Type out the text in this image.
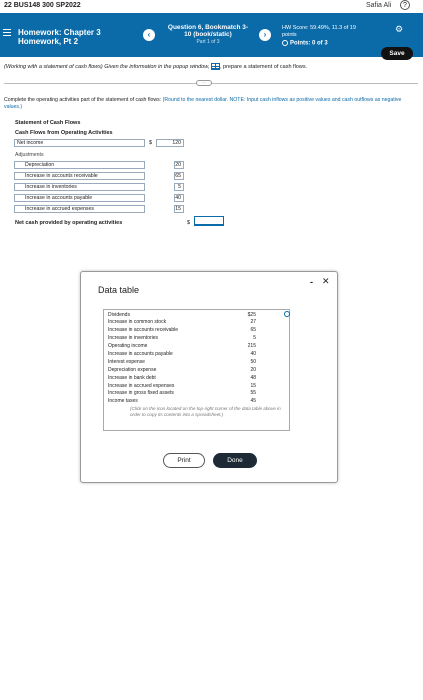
22 BUS148 300 SP2022	Safia Ali	?
Homework: Chapter 3
Homework, Pt 2
‹
Question 6, Bookmatch 3-
10 (book/static)
Part 1 of 3
›
HW Score: 59.49%, 11.3 of 19
points
Points: 0 of 3
⚙
Save
(Working with a statement of cash flows) Given the information in the popup window, , prepare a statement of cash flows.
···
Complete the operating activities part of the statement of cash flows: (Round to the nearest dollar. NOTE: Input cash inflows as positive values and cash outflows as negative values.)
Statement of Cash Flows
Cash Flows from Operating Activities
Net income	$	120
Adjustments
Depreciation	20
Increase in accounts receivable	65
Increase in inventories	5
Increase in accounts payable	40
Increase in accrued expenses	15
Net cash provided by operating activities	$
Data table
- ✕
Dividends	$25
Increase in common stock	27
Increase in accounts receivable	65
Increase in inventories	5
Operating income	215
Increase in accounts payable	40
Interest expense	50
Depreciation expense	20
Increase in bank debt	48
Increase in accrued expenses	15
Increase in gross fixed assets	55
Income taxes	45
(Click on the icon located on the top-right corner of the data table above in order to copy its contents into a spreadsheet.)
Print	Done
